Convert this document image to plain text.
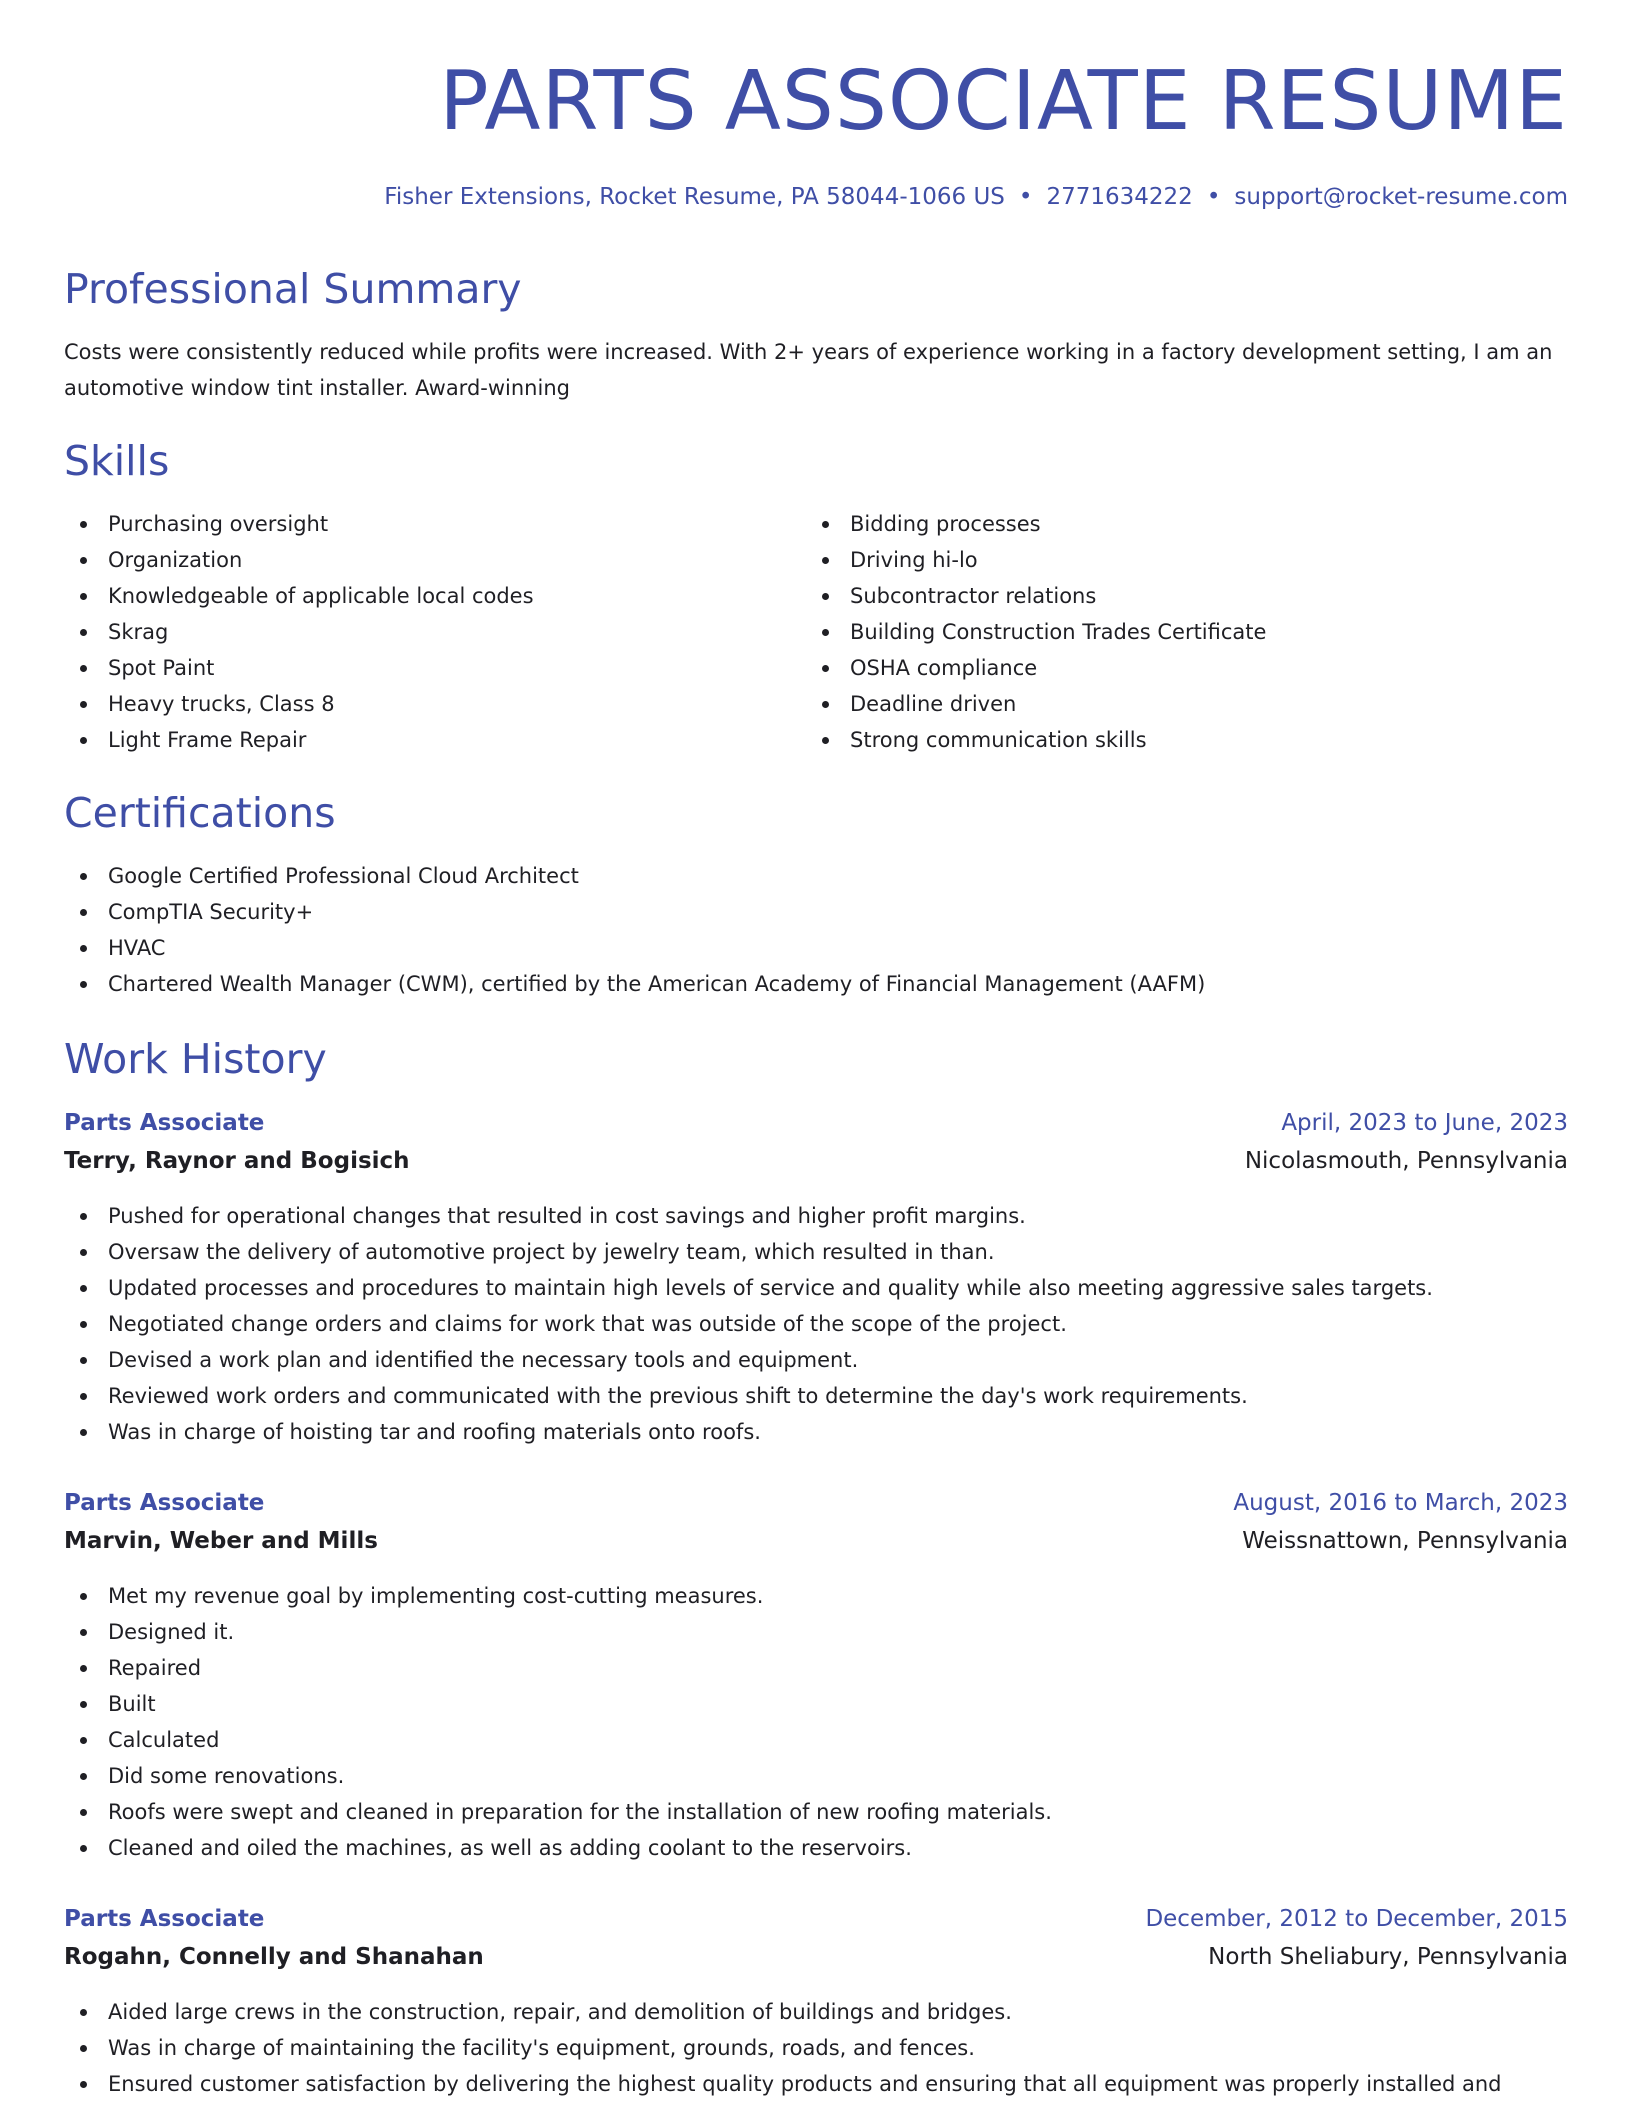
PARTS ASSOCIATE RESUME
Fisher Extensions, Rocket Resume, PA 58044-1066 US • 2771634222 • support@rocket-resume.com
Professional Summary

Costs were consistently reduced while profits were increased. With 2+ years of experience working in a factory development setting, I am an automotive window tint installer. Award-winning

Skills
Purchasing oversight
Organization
Knowledgeable of applicable local codes
Skrag
Spot Paint
Heavy trucks, Class 8
Light Frame Repair
Bidding processes
Driving hi-lo
Subcontractor relations
Building Construction Trades Certificate
OSHA compliance
Deadline driven
Strong communication skills
Certifications
Google Certified Professional Cloud Architect
CompTIA Security+
HVAC
Chartered Wealth Manager (CWM), certified by the American Academy of Financial Management (AAFM)
Work History
Parts Associate	April, 2023 to June, 2023
Terry, Raynor and Bogisich	Nicolasmouth, Pennsylvania
Pushed for operational changes that resulted in cost savings and higher profit margins.
Oversaw the delivery of automotive project by jewelry team, which resulted in than.
Updated processes and procedures to maintain high levels of service and quality while also meeting aggressive sales targets.
Negotiated change orders and claims for work that was outside of the scope of the project.
Devised a work plan and identified the necessary tools and equipment.
Reviewed work orders and communicated with the previous shift to determine the day's work requirements.
Was in charge of hoisting tar and roofing materials onto roofs.
Parts Associate	August, 2016 to March, 2023
Marvin, Weber and Mills	Weissnattown, Pennsylvania
Met my revenue goal by implementing cost-cutting measures.
Designed it.
Repaired
Built
Calculated
Did some renovations.
Roofs were swept and cleaned in preparation for the installation of new roofing materials.
Cleaned and oiled the machines, as well as adding coolant to the reservoirs.
Parts Associate	December, 2012 to December, 2015
Rogahn, Connelly and Shanahan	North Sheliabury, Pennsylvania
Aided large crews in the construction, repair, and demolition of buildings and bridges.
Was in charge of maintaining the facility's equipment, grounds, roads, and fences.
Ensured customer satisfaction by delivering the highest quality products and ensuring that all equipment was properly installed and
